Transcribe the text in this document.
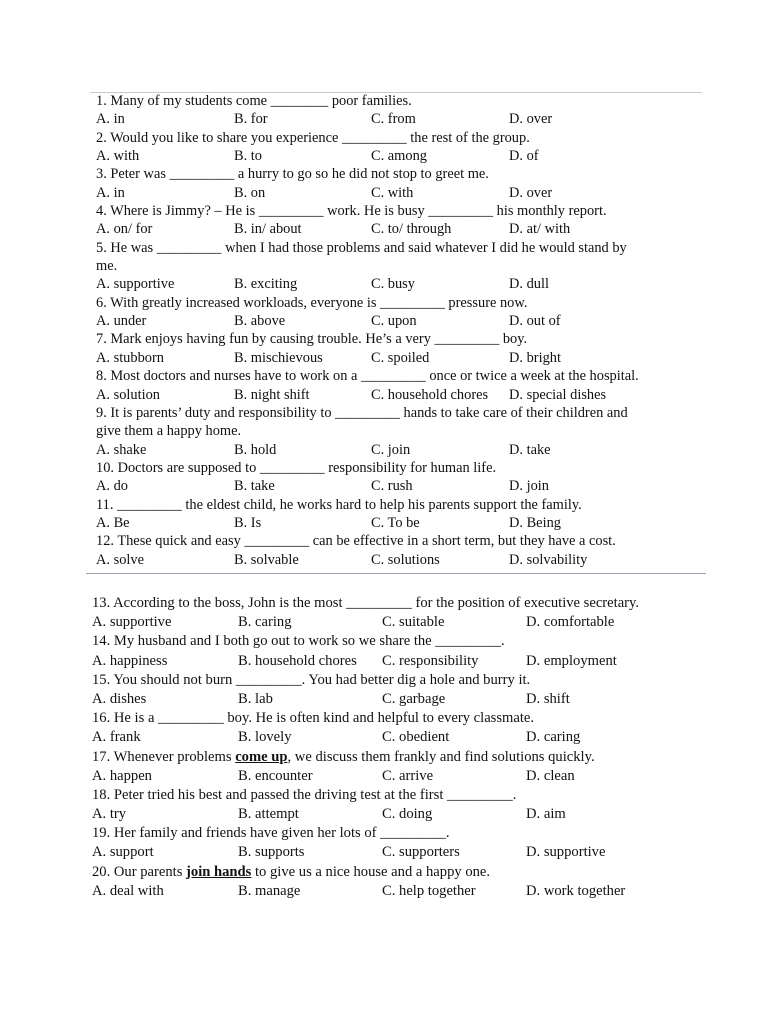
1. Many of my students come ________ poor families.
A. in	B. for	C. from	D. over
2. Would you like to share you experience _________ the rest of the group.
A. with	B. to	C. among	D. of
3. Peter was _________ a hurry to go so he did not stop to greet me.
A. in	B. on	C. with	D. over
4. Where is Jimmy? – He is _________ work. He is busy _________ his monthly report.
A. on/ for	B. in/ about	C. to/ through	D. at/ with
5. He was _________ when I had those problems and said whatever I did he would stand by
me.
A. supportive	B. exciting	C. busy	D. dull
6. With greatly increased workloads, everyone is _________ pressure now.
A. under	B. above	C. upon	D. out of
7. Mark enjoys having fun by causing trouble. He’s a very _________ boy.
A. stubborn	B. mischievous	C. spoiled	D. bright
8. Most doctors and nurses have to work on a _________ once or twice a week at the hospital.
A. solution	B. night shift	C. household chores D. special dishes
9. It is parents’ duty and responsibility to _________ hands to take care of their children and
give them a happy home.
A. shake	B. hold	C. join	D. take
10. Doctors are supposed to _________ responsibility for human life.
A. do	B. take	C. rush	D. join
11. _________ the eldest child, he works hard to help his parents support the family.
A. Be	B. Is	C. To be	D. Being
12. These quick and easy _________ can be effective in a short term, but they have a cost.
A. solve	B. solvable	C. solutions	D. solvability
13. According to the boss, John is the most _________ for the position of executive secretary.
A. supportive	B. caring	C. suitable	D. comfortable
14. My husband and I both go out to work so we share the _________.
A. happiness	B. household chores C. responsibility	D. employment
15. You should not burn _________. You had better dig a hole and burry it.
A. dishes	B. lab	C. garbage	D. shift
16. He is a _________ boy. He is often kind and helpful to every classmate.
A. frank	B. lovely	C. obedient	D. caring
17. Whenever problems come up, we discuss them frankly and find solutions quickly.
A. happen	B. encounter	C. arrive	D. clean
18. Peter tried his best and passed the driving test at the first _________.
A. try	B. attempt	C. doing	D. aim
19. Her family and friends have given her lots of _________.
A. support	B. supports	C. supporters	D. supportive
20. Our parents join hands to give us a nice house and a happy one.
A. deal with	B. manage	C. help together	D. work together
